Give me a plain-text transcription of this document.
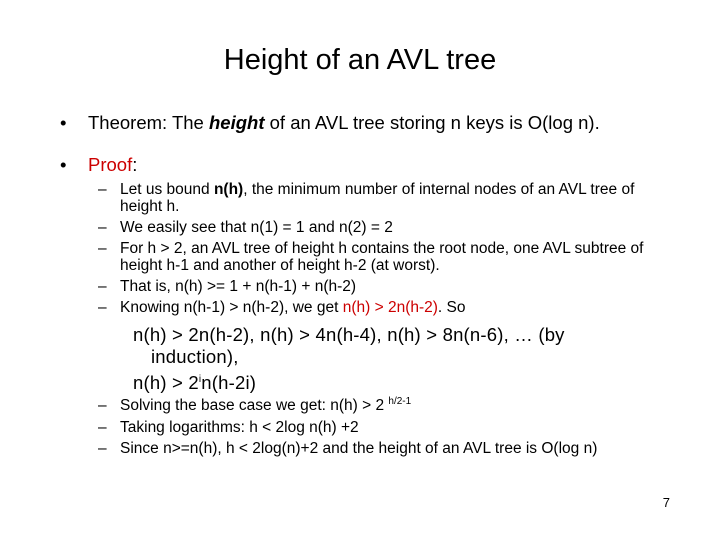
Height of an AVL tree
• Theorem: The height of an AVL tree storing n keys is O(log n).
• Proof:
– Let us bound n(h), the minimum number of internal nodes of an AVL tree of height h.
– We easily see that n(1) = 1 and n(2) = 2
– For h > 2, an AVL tree of height h contains the root node, one AVL subtree of height h-1 and another of height h-2 (at worst).
– That is, n(h) >= 1 + n(h-1) + n(h-2)
– Knowing n(h-1) > n(h-2), we get n(h) > 2n(h-2). So
n(h) > 2n(h-2), n(h) > 4n(h-4), n(h) > 8n(n-6), … (by
induction),
$n(h) > 2^in(h-2i)$
– Solving the base case we get: n(h) > 2 $^{h/2-1}$
– Taking logarithms: h < 2log n(h) +2
– Since n>=n(h), h < 2log(n)+2 and the height of an AVL tree is O(log n)
7
